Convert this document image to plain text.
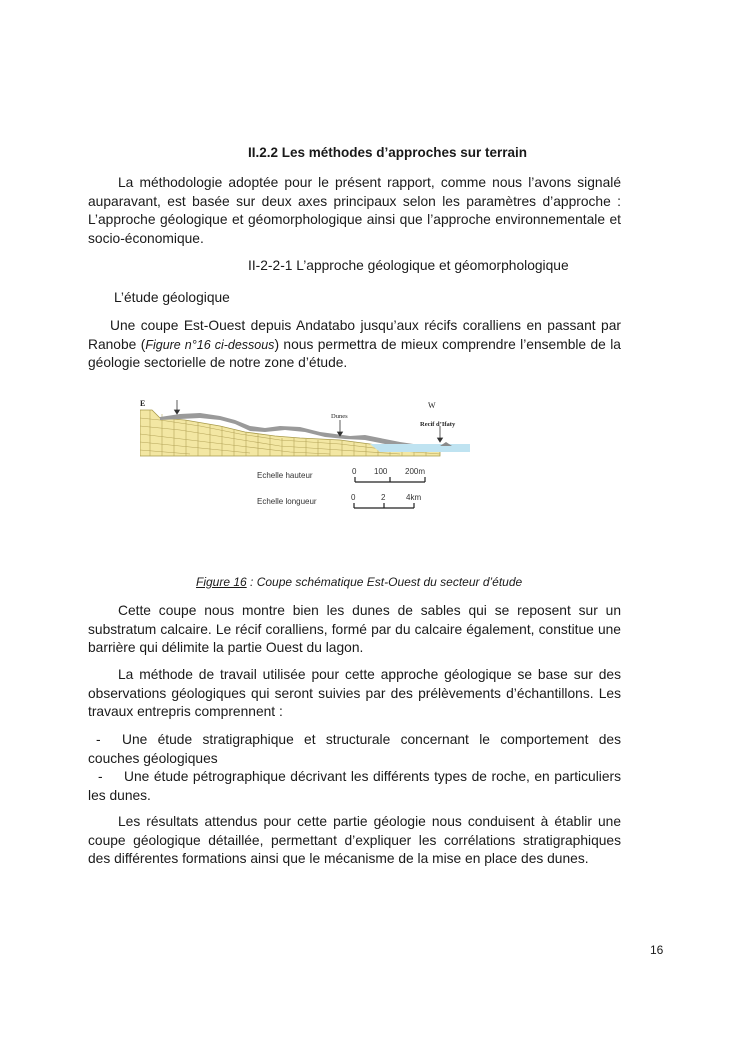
II.2.2 Les méthodes d’approches sur terrain

La méthodologie adoptée pour le présent rapport, comme nous l’avons signalé auparavant, est basée sur deux axes principaux selon les paramètres d’approche : L’approche géologique et géomorphologique ainsi que l’approche environnementale et socio-économique.

II-2-2-1 L’approche géologique et géomorphologique
L’étude géologique

Une coupe Est-Ouest depuis Andatabo jusqu’aux récifs coralliens en passant par Ranobe (Figure n°16 ci-dessous) nous permettra de mieux comprendre l’ensemble de la géologie sectorielle de notre zone d’étude.

E	W
Dunes
Recif d’Ifaty
Echelle hauteur	0 100 200m
Echelle longueur	0	2	4km
Figure 16 : Coupe schématique Est-Ouest du secteur d’étude

Cette coupe nous montre bien les dunes de sables qui se reposent sur un substratum calcaire. Le récif coralliens, formé par du calcaire également, constitue une barrière qui délimite la partie Ouest du lagon.

La méthode de travail utilisée pour cette approche géologique se base sur des observations géologiques qui seront suivies par des prélèvements d’échantillons. Les travaux entrepris comprennent :

- Une étude stratigraphique et structurale concernant le comportement des couches géologiques
- Une étude pétrographique décrivant les différents types de roche, en particuliers les dunes.

Les résultats attendus pour cette partie géologie nous conduisent à établir une coupe géologique détaillée, permettant d’expliquer les corrélations stratigraphiques des différentes formations ainsi que le mécanisme de la mise en place des dunes.

16
